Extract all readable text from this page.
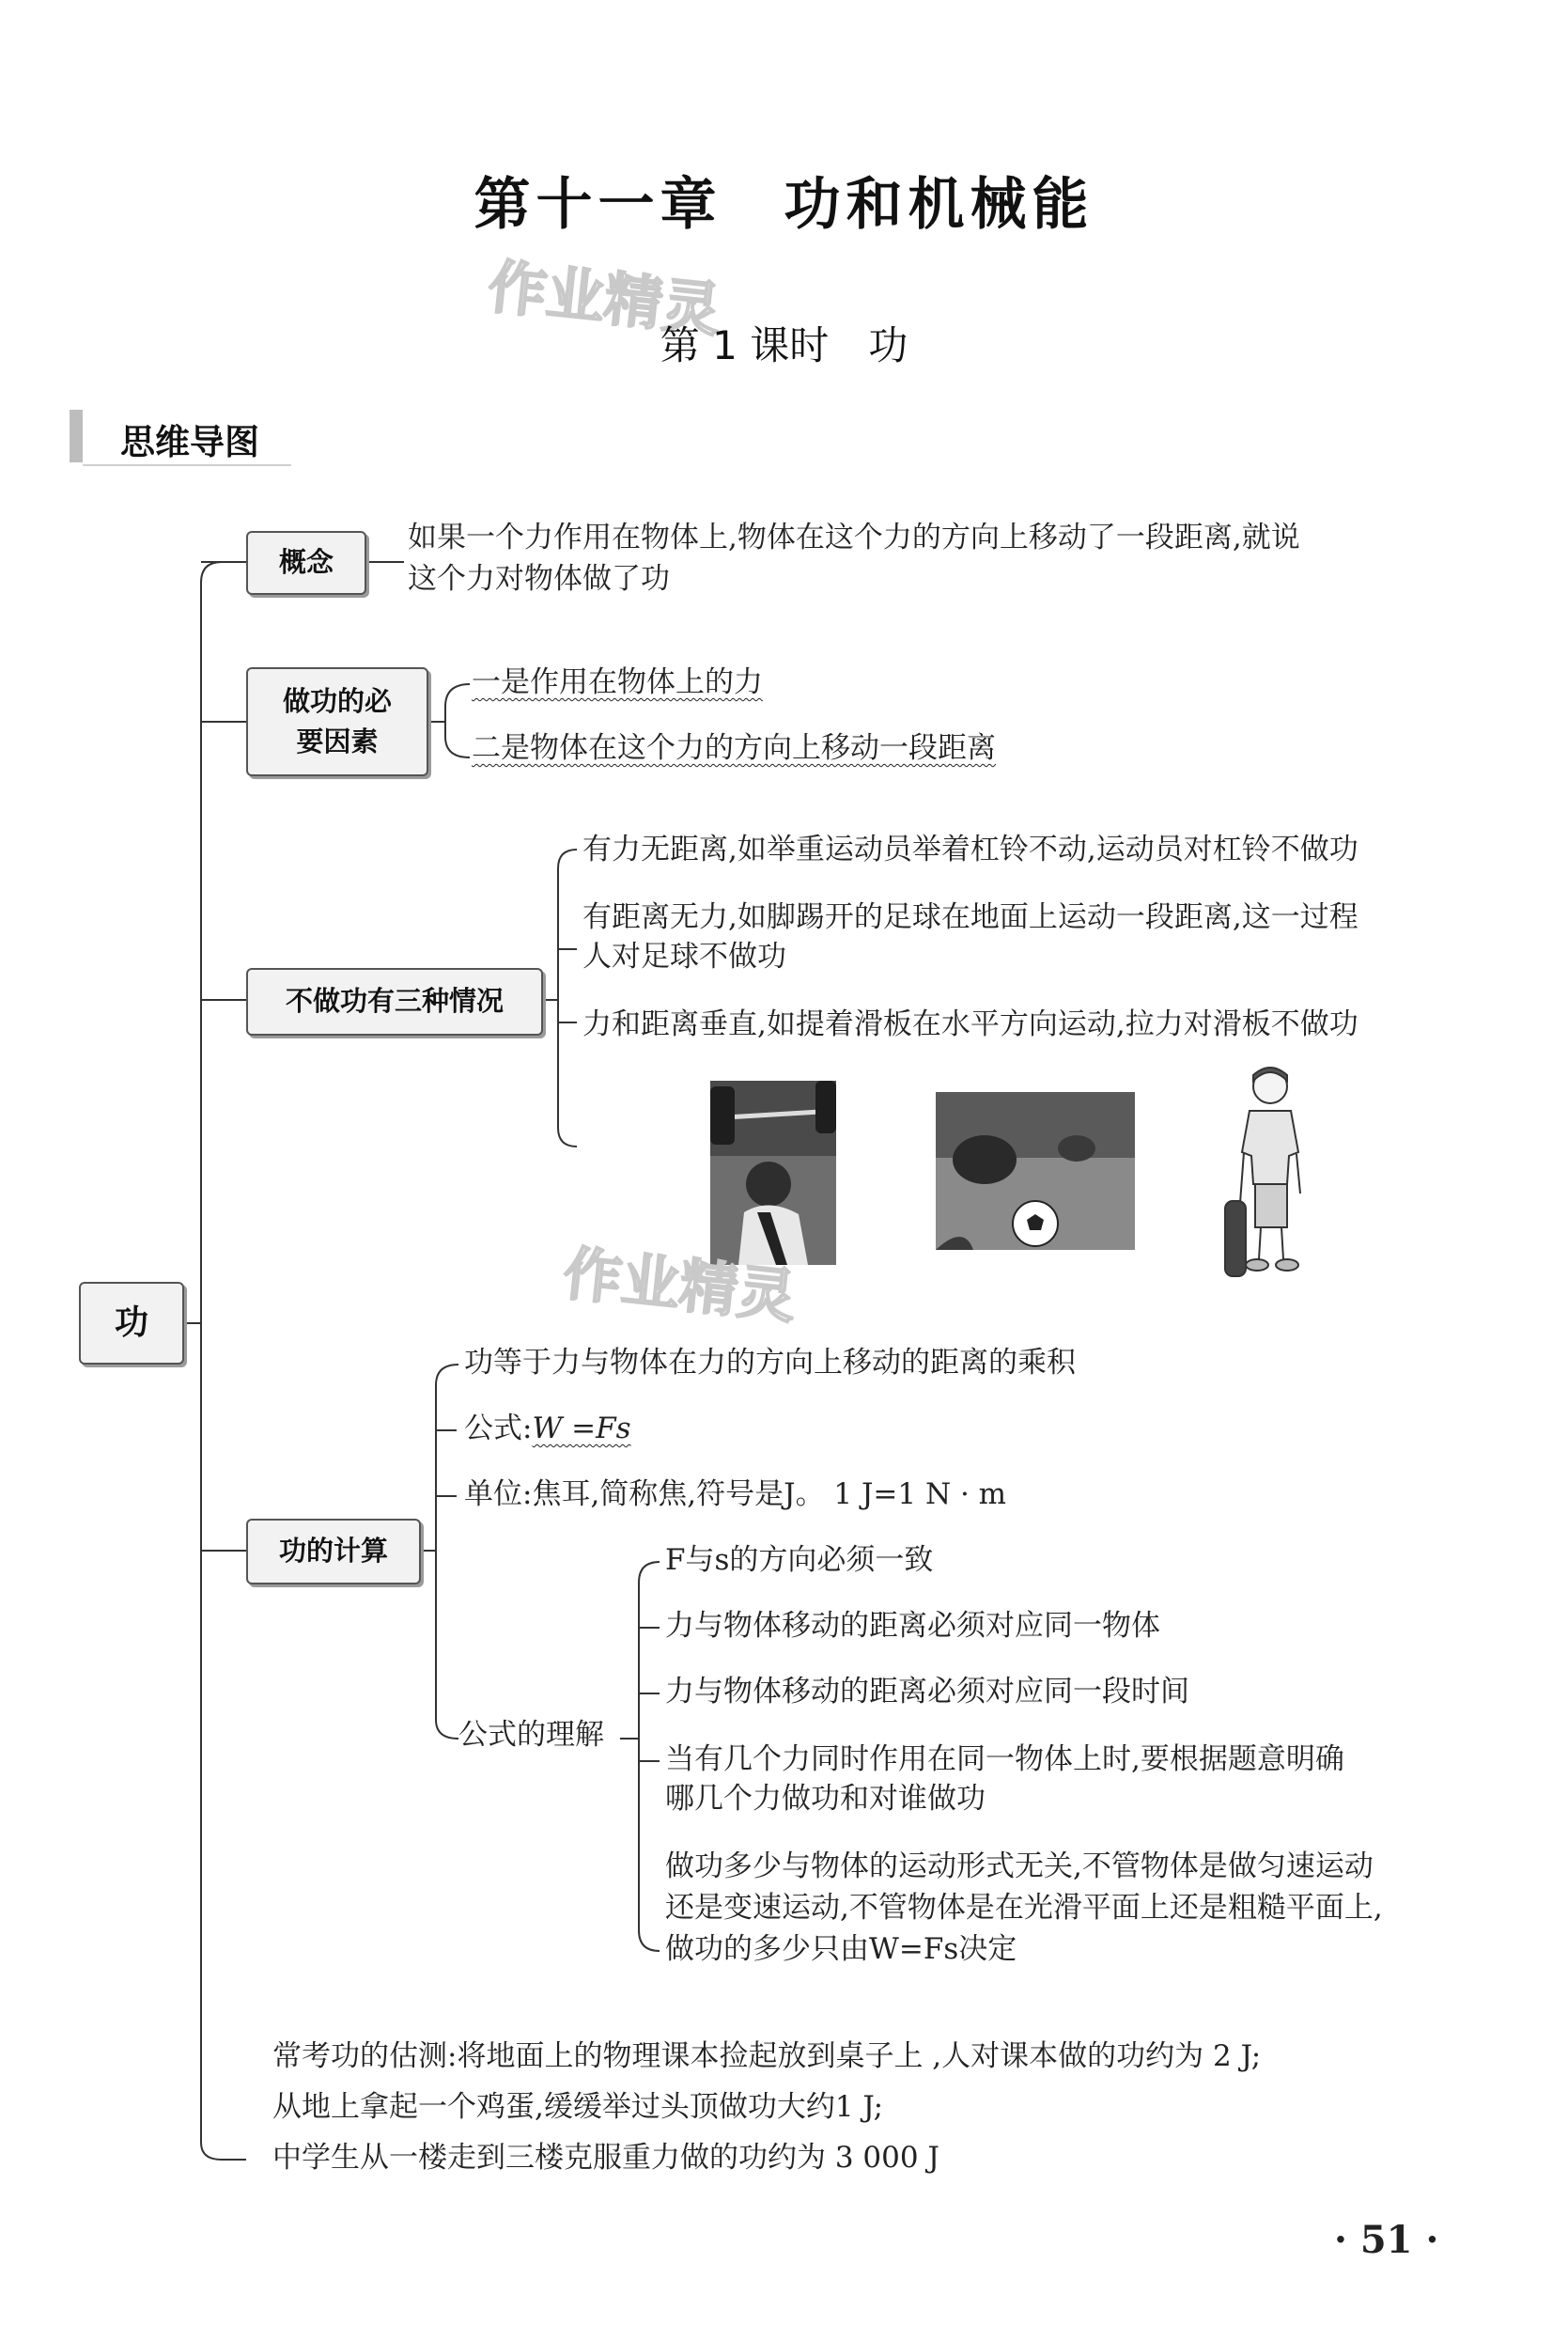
第十一章　功和机械能
作业精灵
第 1 课时　功
思维导图
功
概念
如果一个力作用在物体上,物体在这个力的方向上移动了一段距离,就说
这个力对物体做了功
做功的必
要因素
一是作用在物体上的力
二是物体在这个力的方向上移动一段距离
不做功有三种情况
有力无距离,如举重运动员举着杠铃不动,运动员对杠铃不做功
有距离无力,如脚踢开的足球在地面上运动一段距离,这一过程
人对足球不做功
力和距离垂直,如提着滑板在水平方向运动,拉力对滑板不做功
作业精灵
功的计算
功等于力与物体在力的方向上移动的距离的乘积
公式:W =Fs
单位:焦耳,简称焦,符号是J。 1 J=1 N · m
公式的理解
F与s的方向必须一致
力与物体移动的距离必须对应同一物体
力与物体移动的距离必须对应同一段时间
当有几个力同时作用在同一物体上时,要根据题意明确
哪几个力做功和对谁做功
做功多少与物体的运动形式无关,不管物体是做匀速运动
还是变速运动,不管物体是在光滑平面上还是粗糙平面上,
做功的多少只由W=Fs决定
常考功的估测:将地面上的物理课本捡起放到桌子上 ,人对课本做的功约为 2 J;
从地上拿起一个鸡蛋,缓缓举过头顶做功大约1 J;
中学生从一楼走到三楼克服重力做的功约为 3 000 J
· 51 ·
